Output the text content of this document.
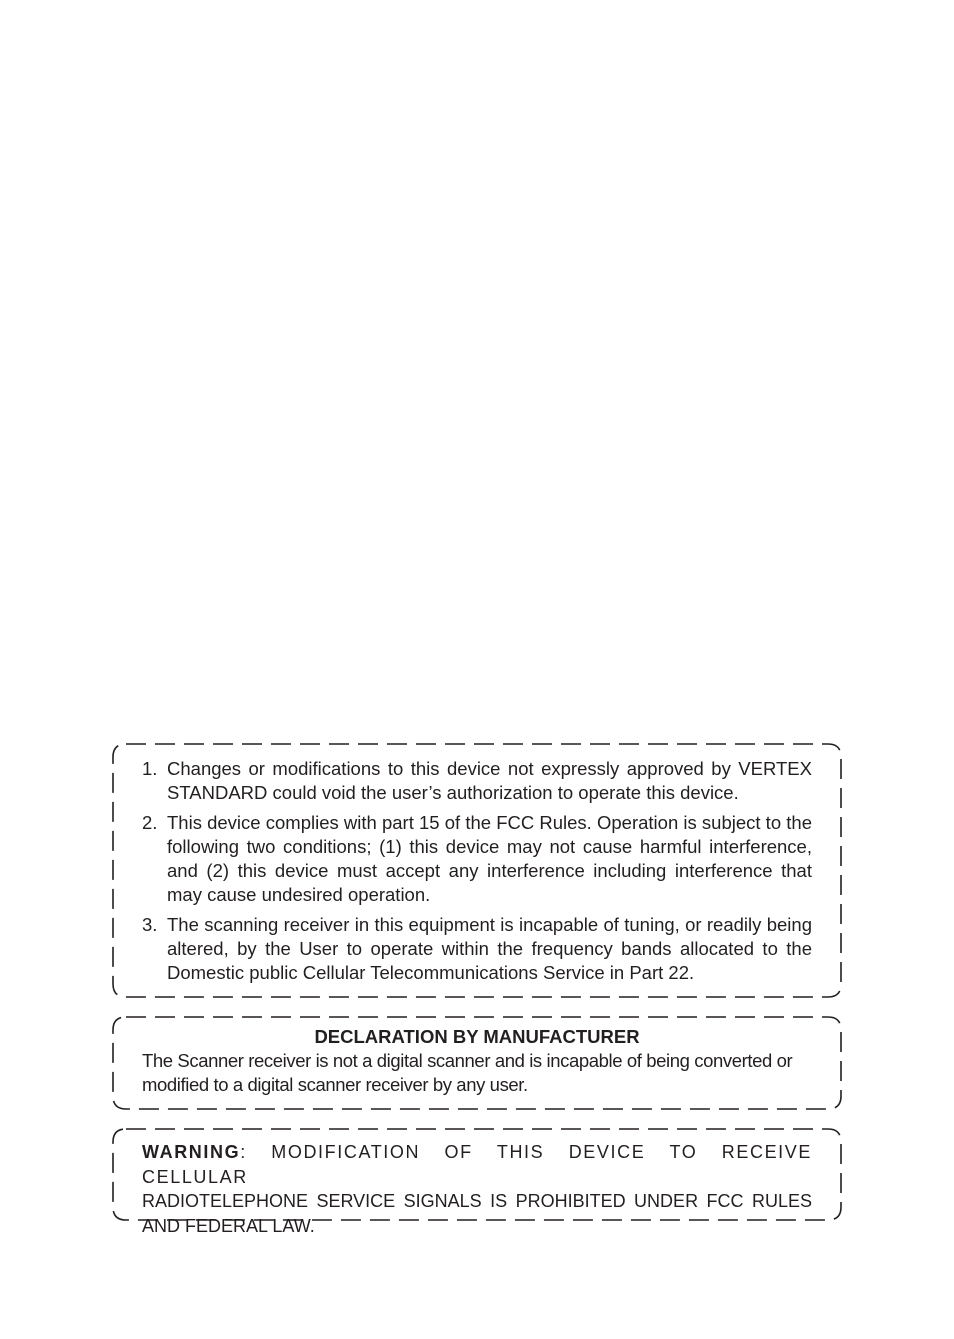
1. Changes or modifications to this device not expressly approved by VERTEX STANDARD could void the user’s authorization to operate this device.
2. This device complies with part 15 of the FCC Rules. Operation is subject to the following two conditions; (1) this device may not cause harmful interference, and (2) this device must accept any interference including interference that may cause undesired operation.
3. The scanning receiver in this equipment is incapable of tuning, or readily being altered, by the User to operate within the frequency bands allocated to the Domestic public Cellular Telecommunications Service in Part 22.
DECLARATION BY MANUFACTURER
The Scanner receiver is not a digital scanner and is incapable of being converted or modified to a digital scanner receiver by any user.
WARNING: MODIFICATION OF THIS DEVICE TO RECEIVE CELLULAR
RADIOTELEPHONE SERVICE SIGNALS IS PROHIBITED UNDER FCC RULES AND FEDERAL LAW.
